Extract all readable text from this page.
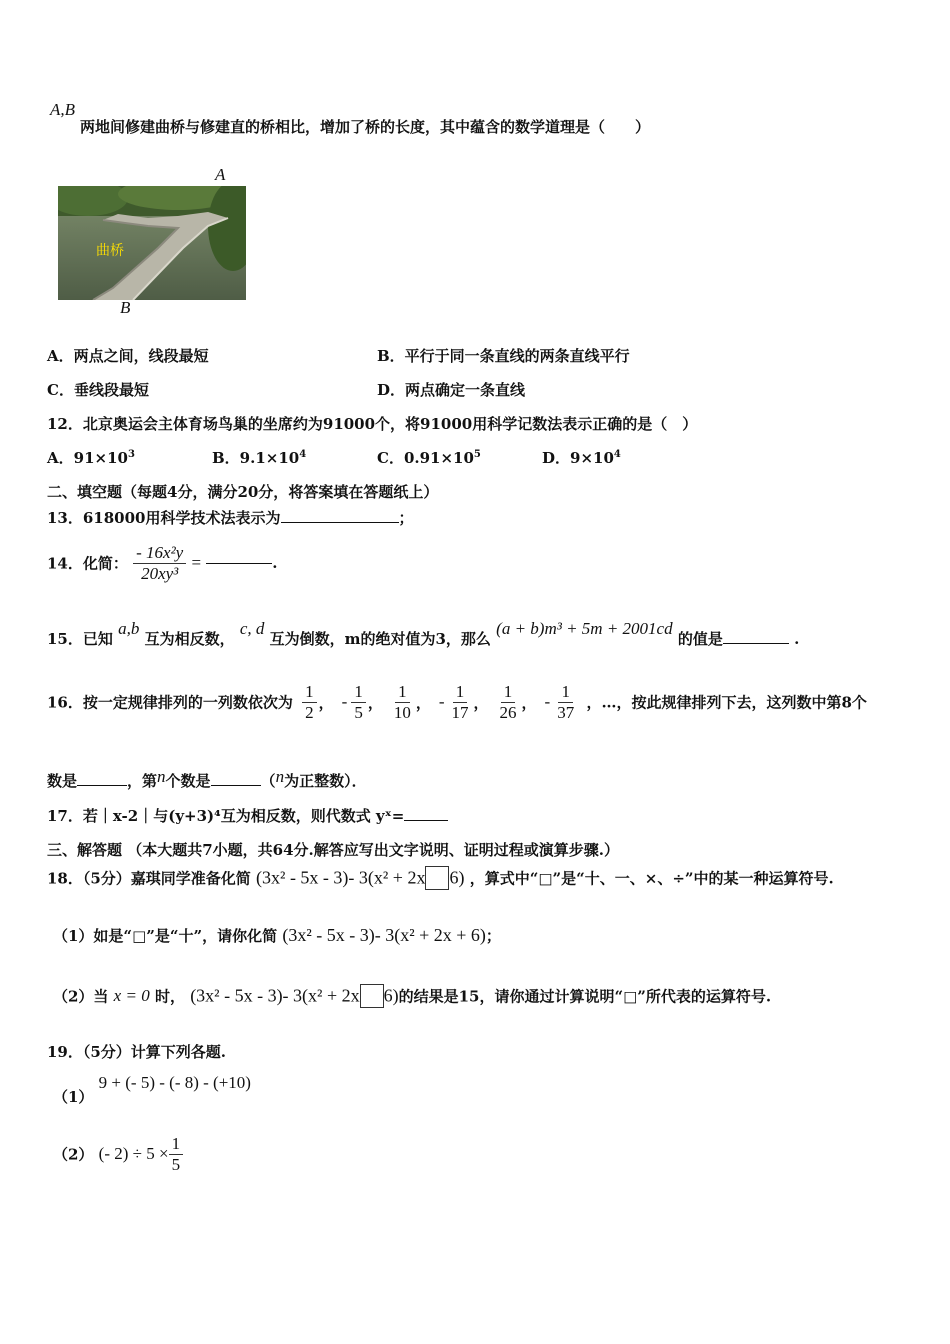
A,B
两地间修建曲桥与修建直的桥相比，增加了桥的长度，其中蕴含的数学道理是（　　）
A
曲桥
B
A．两点之间，线段最短	B．平行于同一条直线的两条直线平行
C．垂线段最短	D．两点确定一条直线
12．北京奥运会主体育场鸟巢的坐席约为91000个，将91000用科学记数法表示正确的是（　）
A．$91\times 10^3$	B．$9.1\times 10^4$	C．$0.91\times 10^5$	D．$9\times 10^4$
二、填空题（每题4分，满分20分，将答案填在答题纸上）
13．618000用科学技术法表示为	；
14．化简： $\frac{\text{- 16x²y}}{\text{20xy³}}$ =	.
15．已知 a,b 互为相反数， c, d 互为倒数，m的绝对值为3，那么 (a + b)m³ + 5m + 2001cd 的值是	.
16．按一定规律排列的一列数依次为 $\frac{1}{2}$ ， - $\frac{1}{5}$ ， $\frac{1}{10}$ ， - $\frac{1}{17}$ ， $\frac{1}{26}$ ， - $\frac{1}{37}$ ，…，按此规律排列下去，这列数中第8个
数是	，第n个数是	（n为正整数）．
17．若｜x-2｜与(y+3)⁴互为相反数，则代数式 yˣ=
三、解答题 （本大题共7小题，共64分.解答应写出文字说明、证明过程或演算步骤.）
18．（5分）嘉琪同学准备化简 (3x² - 5x - 3)- 3(x² + 2x 6) ，算式中“□”是“十、一、×、÷”中的某一种运算符号.
（1）如是“□”是“十”，请你化简 (3x² - 5x - 3)- 3(x² + 2x + 6)；
（2）当 x = 0 时， (3x² - 5x - 3)- 3(x² + 2x 6)的结果是15，请你通过计算说明“□”所代表的运算符号.
19．（5分）计算下列各题.
（1） 9 + (- 5) - (- 8) - (+10)
（2） (- $2) \div 5 \times \frac{1}{5}$
